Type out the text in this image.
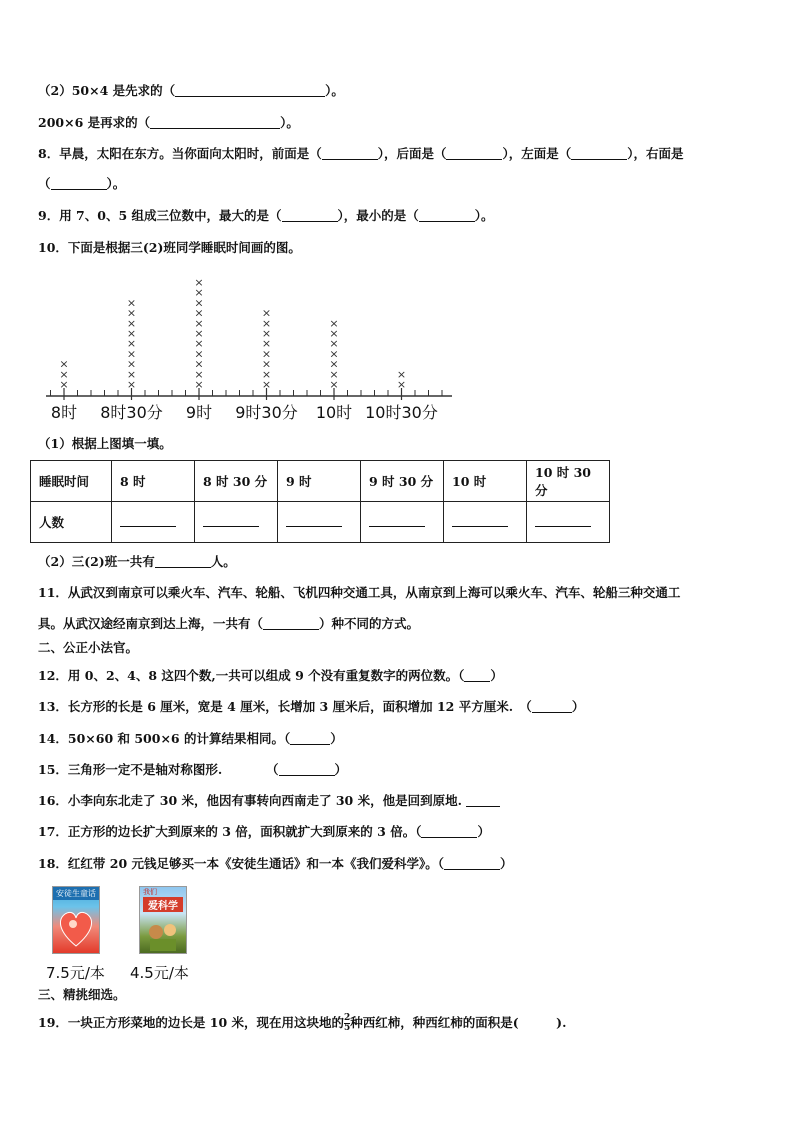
（2）50×4 是先求的（	）。
200×6 是再求的（	）。
8．早晨，太阳在东方。当你面向太阳时，前面是（	），后面是（	），左面是（	），右面是
（	）。
9．用 7、0、5 组成三位数中，最大的是（	），最小的是（	）。
10．下面是根据三(2)班同学睡眠时间画的图。
8时
×
×
×
8时30分
×
×
×
×
×
×
×
×
×
9时
×
×
×
×
×
×
×
×
×
×
×
9时30分
×
×
×
×
×
×
×
×
10时
×
×
×
×
×
×
×
10时30分
×
×
（1）根据上图填一填。
睡眠时间	8 时	8 时 30 分	9 时	9 时 30 分	10 时	10 时 30 分
人数						
（2）三(2)班一共有	人。
11．从武汉到南京可以乘火车、汽车、轮船、飞机四种交通工具，从南京到上海可以乘火车、汽车、轮船三种交通工
具。从武汉途经南京到达上海，一共有（	）种不同的方式。
二、公正小法官。
12．用 0、2、4、8 这四个数,一共可以组成 9 个没有重复数字的两位数。（ ）
13．长方形的长是 6 厘米，宽是 4 厘米，长增加 3 厘米后，面积增加 12 平方厘米.　（	）
14．50×60 和 500×6 的计算结果相同。（	）
15．三角形一定不是轴对称图形.　　　　（	）
16．小李向东北走了 30 米，他因有事转向西南走了 30 米，他是回到原地.
17．正方形的边长扩大到原来的 3 倍，面积就扩大到原来的 3 倍。（	）
18．红红带 20 元钱足够买一本《安徒生通话》和一本《我们爱科学》。（	）
安徒生童话	我们
爱科学
7.5元/本 4.5元/本
三、精挑细选。
19．一块正方形菜地的边长是 10 米，现在用这块地的 $\frac{2}{5}$ 种西红柿，种西红柿的面积是(　　　).
